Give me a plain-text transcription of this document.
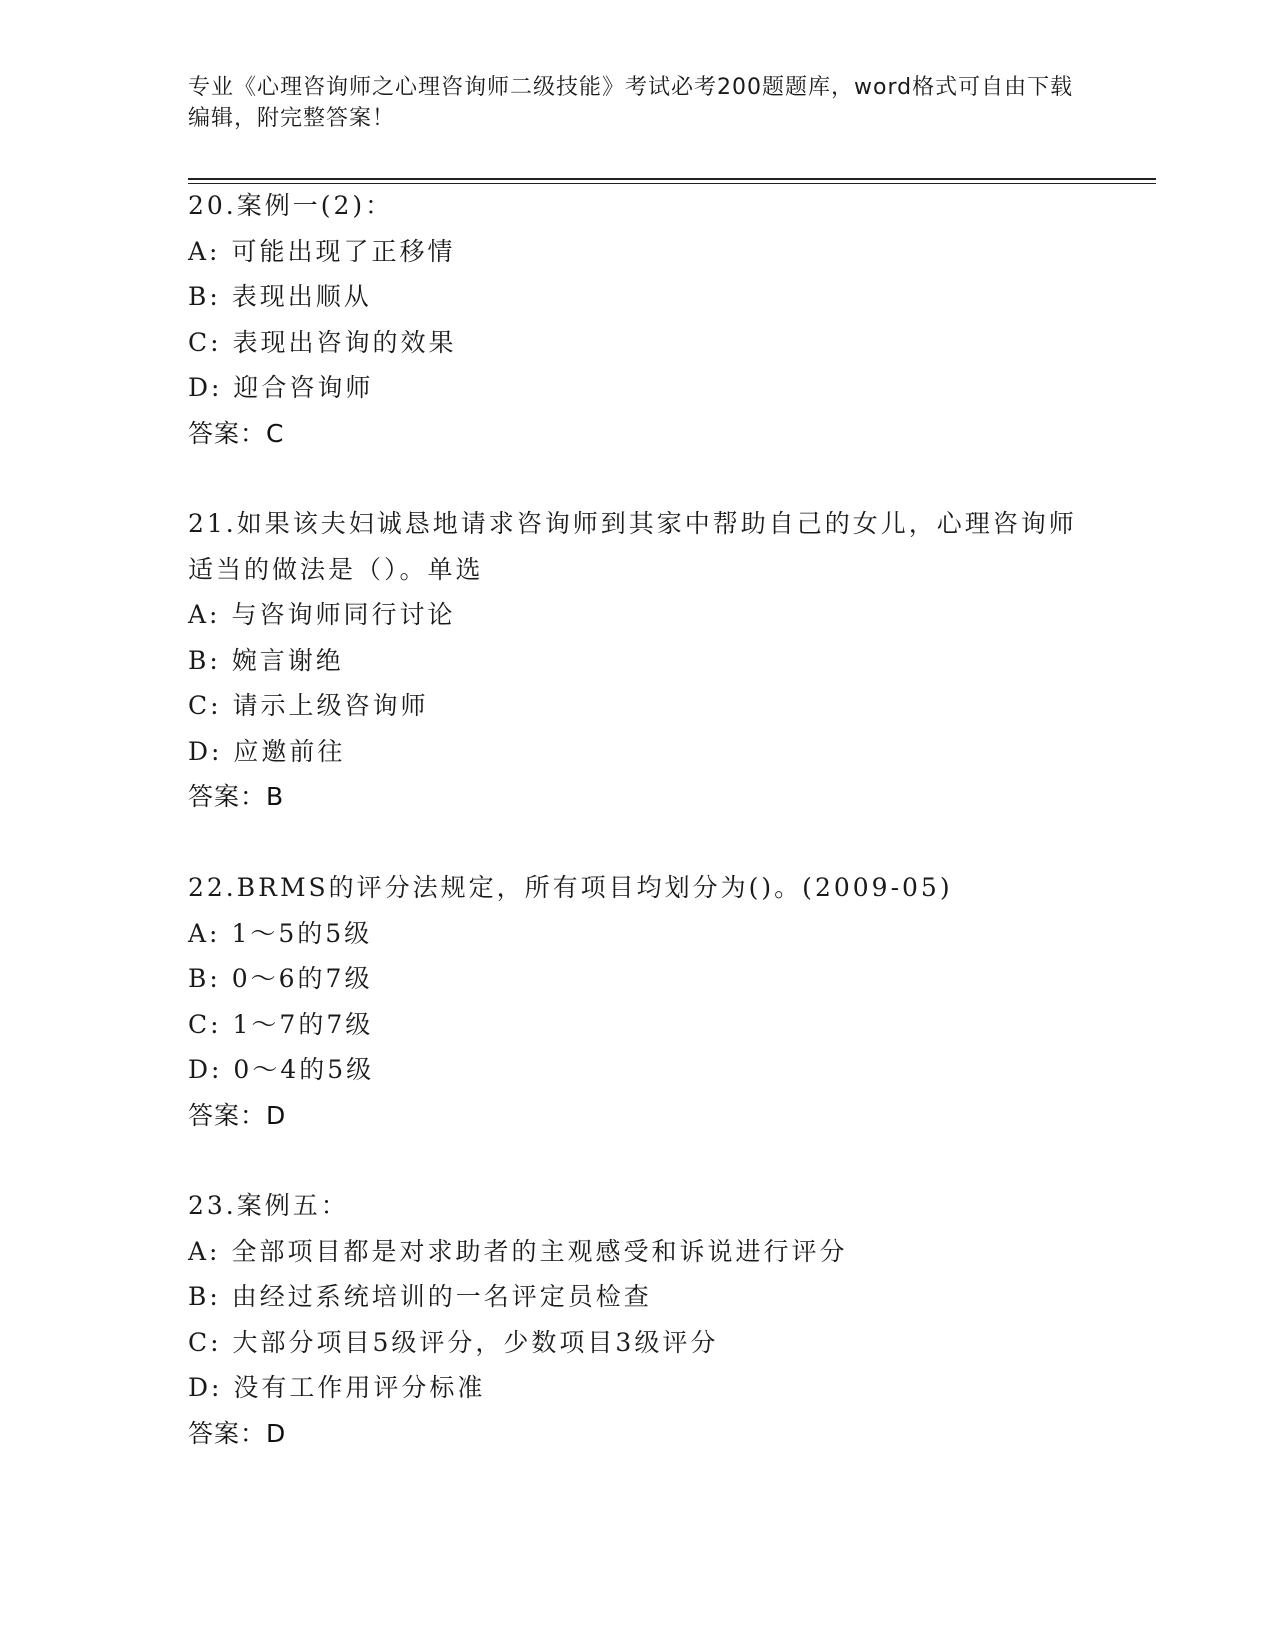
专业《心理咨询师之心理咨询师二级技能》考试必考200题题库，word格式可自由下载编辑，附完整答案！
20.案例一(2)：
A: 可能出现了正移情
B: 表现出顺从
C: 表现出咨询的效果
D: 迎合咨询师
答案：C
21.如果该夫妇诚恳地请求咨询师到其家中帮助自己的女儿，心理咨询师适当的做法是（）。单选
A: 与咨询师同行讨论
B: 婉言谢绝
C: 请示上级咨询师
D: 应邀前往
答案：B
22.BRMS的评分法规定，所有项目均划分为()。(2009-05)
A: 1～5的5级
B: 0～6的7级
C: 1～7的7级
D: 0～4的5级
答案：D
23.案例五：
A: 全部项目都是对求助者的主观感受和诉说进行评分
B: 由经过系统培训的一名评定员检查
C: 大部分项目5级评分，少数项目3级评分
D: 没有工作用评分标准
答案：D
